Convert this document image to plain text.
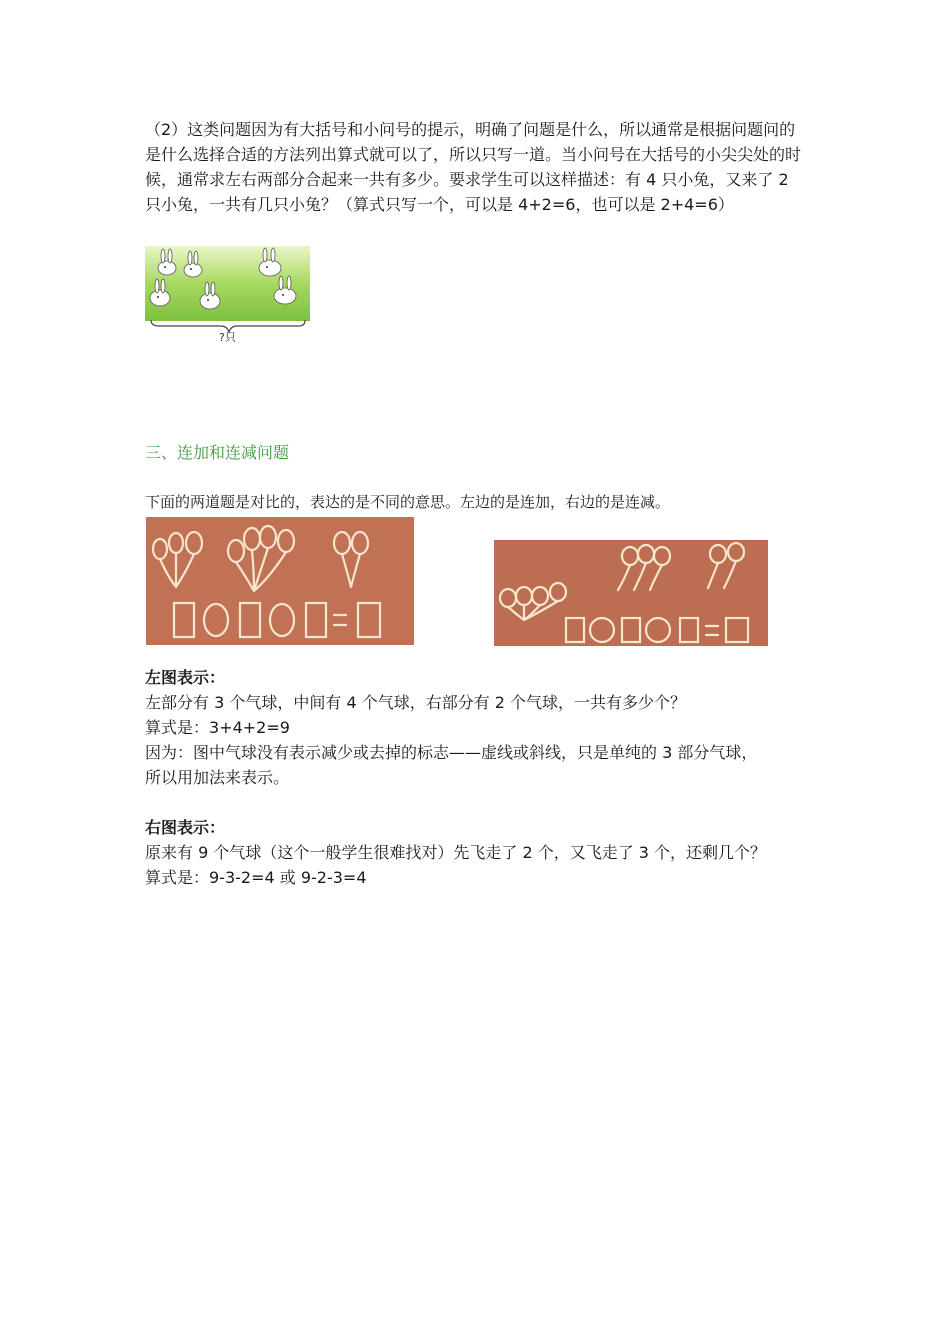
（2）这类问题因为有大括号和小问号的提示，明确了问题是什么，所以通常是根据问题问的是什么选择合适的方法列出算式就可以了，所以只写一道。当小问号在大括号的小尖尖处的时候，通常求左右两部分合起来一共有多少。要求学生可以这样描述：有 4 只小兔，又来了 2 只小兔，一共有几只小兔？（算式只写一个，可以是 4+2=6，也可以是 2+4=6）
?只
三、连加和连减问题
下面的两道题是对比的，表达的是不同的意思。左边的是连加，右边的是连减。
左图表示：
左部分有 3 个气球，中间有 4 个气球，右部分有 2 个气球，一共有多少个？
算式是：3+4+2=9
因为：图中气球没有表示减少或去掉的标志——虚线或斜线，只是单纯的 3 部分气球，
所以用加法来表示。
右图表示：
原来有 9 个气球（这个一般学生很难找对）先飞走了 2 个，又飞走了 3 个，还剩几个？
算式是：9-3-2=4 或 9-2-3=4
